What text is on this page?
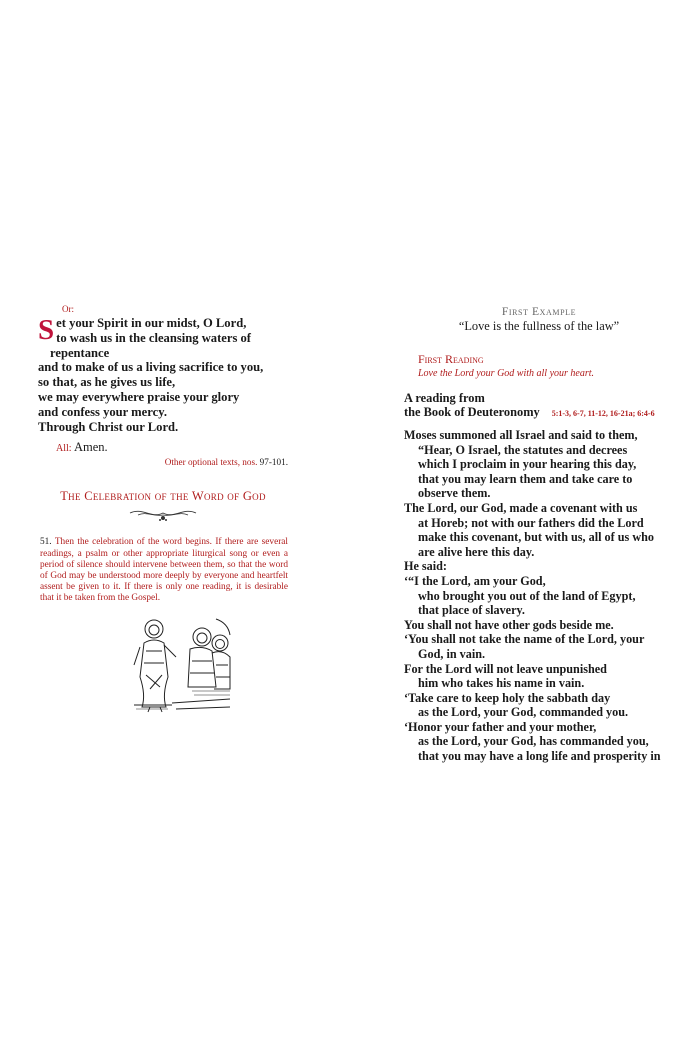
Or:
S et your Spirit in our midst, O Lord,
to wash us in the cleansing waters of
repentance
and to make of us a living sacrifice to you,
so that, as he gives us life,
we may everywhere praise your glory
and confess your mercy.
Through Christ our Lord.
All: Amen.
Other optional texts, nos. 97-101.
The Celebration of the Word of God
51. Then the celebration of the word begins. If there are several readings, a psalm or other appropriate liturgical song or even a period of silence should intervene between them, so that the word of God may be understood more deeply by everyone and heartfelt assent be given to it. If there is only one reading, it is desirable that it be taken from the Gospel.
First Example
“Love is the fullness of the law”
First Reading
Love the Lord your God with all your heart.
A reading from
the Book of Deuteronomy 5:1-3, 6-7, 11-12, 16-21a; 6:4-6
Moses summoned all Israel and said to them,
“Hear, O Israel, the statutes and decrees
which I proclaim in your hearing this day,
that you may learn them and take care to
observe them.
The Lord, our God, made a covenant with us
at Horeb; not with our fathers did the Lord
make this covenant, but with us, all of us who
are alive here this day.
He said:
‘“I the Lord, am your God,
who brought you out of the land of Egypt,
that place of slavery.
You shall not have other gods beside me.
‘You shall not take the name of the Lord, your
God, in vain.
For the Lord will not leave unpunished
him who takes his name in vain.
‘Take care to keep holy the sabbath day
as the Lord, your God, commanded you.
‘Honor your father and your mother,
as the Lord, your God, has commanded you,
that you may have a long life and prosperity in
